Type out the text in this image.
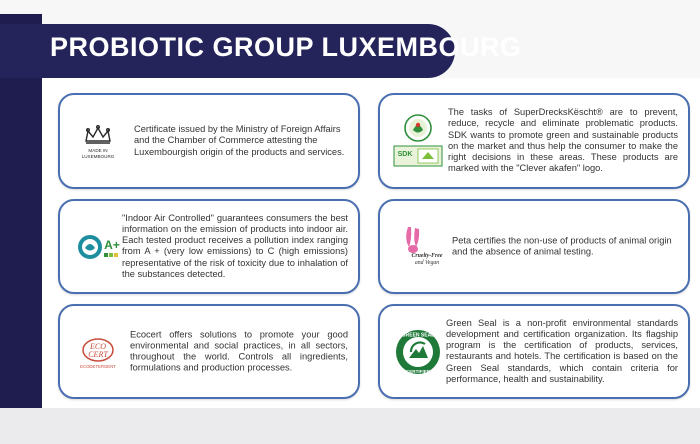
PROBIOTIC GROUP LUXEMBOURG
MADE IN
LUXEMBOURG
Certificate issued by the Ministry of Foreign Affairs and the Chamber of Commerce attesting the Luxembourgish origin of the products and services.
A+
"Indoor Air Controlled" guarantees consumers the best information on the emission of products into indoor air. Each tested product receives a pollution index ranging from A + (very low emissions) to C (high emissions) representative of the risk of toxicity due to inhalation of the substances detected.
ECO
CERT
ECODETERGENT
Ecocert offers solutions to promote your good environmental and social practices, in all sectors, throughout the world. Controls all ingredients, formulations and production processes.
SDK
The tasks of SuperDrecksKëscht® are to prevent, reduce, recycle and eliminate problematic products. SDK wants to promote green and sustainable products on the market and thus help the consumer to make the right decisions in these areas. These products are marked with the "Clever akafen" logo.
Cruelty-Free
and Vegan
Peta certifies the non-use of products of animal origin and the absence of animal testing.
GREEN SEAL
CERTIFIED
Green Seal is a non-profit environmental standards development and certification organization. Its flagship program is the certification of products, services, restaurants and hotels. The certification is based on the Green Seal standards, which contain criteria for performance, health and sustainability.
